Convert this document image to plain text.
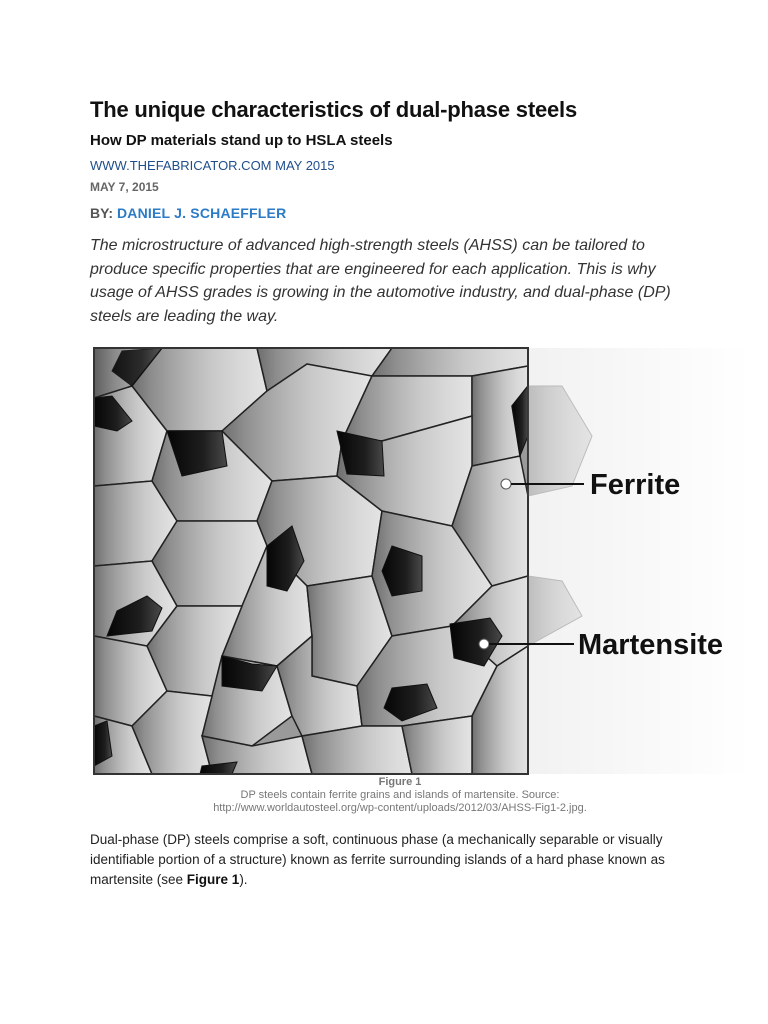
The unique characteristics of dual-phase steels
How DP materials stand up to HSLA steels
WWW.THEFABRICATOR.COM MAY 2015
MAY 7, 2015
BY: DANIEL J. SCHAEFFLER
The microstructure of advanced high-strength steels (AHSS) can be tailored to produce specific properties that are engineered for each application. This is why usage of AHSS grades is growing in the automotive industry, and dual-phase (DP) steels are leading the way.
Ferrite
Martensite
Figure 1
DP steels contain ferrite grains and islands of martensite. Source:
http://www.worldautosteel.org/wp-content/uploads/2012/03/AHSS-Fig1-2.jpg.
Dual-phase (DP) steels comprise a soft, continuous phase (a mechanically separable or visually identifiable portion of a structure) known as ferrite surrounding islands of a hard phase known as martensite (see Figure 1).
